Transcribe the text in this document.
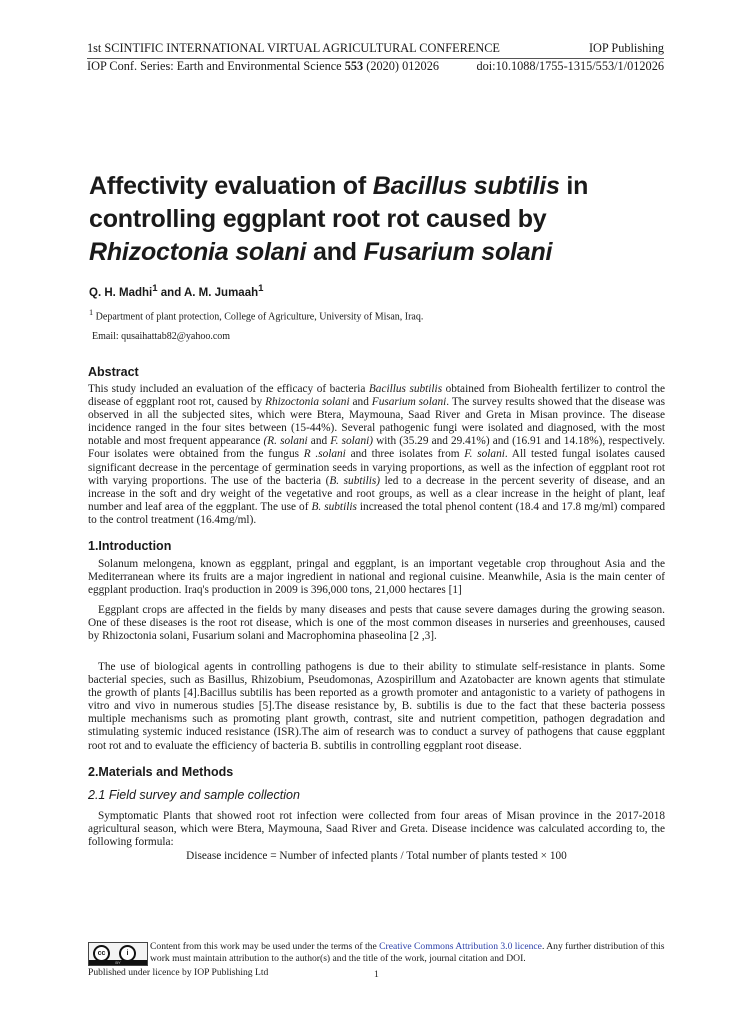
1st SCINTIFIC INTERNATIONAL VIRTUAL AGRICULTURAL CONFERENCE	IOP Publishing
IOP Conf. Series: Earth and Environmental Science 553 (2020) 012026	doi:10.1088/1755-1315/553/1/012026
Affectivity evaluation of Bacillus subtilis in controlling eggplant root rot caused by Rhizoctonia solani and Fusarium solani
Q. H. Madhi$^1$ and A. M. Jumaah$^1$
$^1$ Department of plant protection, College of Agriculture, University of Misan, Iraq.
Email: qusaihattab82@yahoo.com
Abstract
This study included an evaluation of the efficacy of bacteria Bacillus subtilis obtained from Biohealth fertilizer to control the disease of eggplant root rot, caused by Rhizoctonia solani and Fusarium solani. The survey results showed that the disease was observed in all the subjected sites, which were Btera, Maymouna, Saad River and Greta in Misan province. The disease incidence ranged in the four sites between (15-44%). Several pathogenic fungi were isolated and diagnosed, with the most notable and most frequent appearance (R. solani and F. solani) with (35.29 and 29.41%) and (16.91 and 14.18%), respectively. Four isolates were obtained from the fungus R .solani and three isolates from F. solani. All tested fungal isolates caused significant decrease in the percentage of germination seeds in varying proportions, as well as the infection of eggplant root rot with varying proportions. The use of the bacteria (B. subtilis) led to a decrease in the percent severity of disease, and an increase in the soft and dry weight of the vegetative and root groups, as well as a clear increase in the height of plant, leaf number and leaf area of the eggplant. The use of B. subtilis increased the total phenol content (18.4 and 17.8 mg/ml) compared to the control treatment (16.4mg/ml).
1.Introduction
Solanum melongena, known as eggplant, pringal and eggplant, is an important vegetable crop throughout Asia and the Mediterranean where its fruits are a major ingredient in national and regional cuisine. Meanwhile, Asia is the main center of eggplant production. Iraq's production in 2009 is 396,000 tons, 21,000 hectares [1]
Eggplant crops are affected in the fields by many diseases and pests that cause severe damages during the growing season. One of these diseases is the root rot disease, which is one of the most common diseases in nurseries and greenhouses, caused by Rhizoctonia solani, Fusarium solani and Macrophomina phaseolina [2 ,3].
The use of biological agents in controlling pathogens is due to their ability to stimulate self-resistance in plants. Some bacterial species, such as Basillus, Rhizobium, Pseudomonas, Azospirillum and Azatobacter are known agents that stimulate the growth of plants [4].Bacillus subtilis has been reported as a growth promoter and antagonistic to a variety of pathogens in vitro and vivo in numerous studies [5].The disease resistance by, B. subtilis is due to the fact that these bacteria possess multiple mechanisms such as promoting plant growth, contrast, site and nutrient competition, pathogen degradation and stimulating systemic induced resistance (ISR).The aim of research was to conduct a survey of pathogens that cause eggplant root rot and to evaluate the efficiency of bacteria B. subtilis in controlling eggplant root disease.
2.Materials and Methods
2.1 Field survey and sample collection
Symptomatic Plants that showed root rot infection were collected from four areas of Misan province in the 2017-2018 agricultural season, which were Btera, Maymouna, Saad River and Greta. Disease incidence was calculated according to, the following formula:
Disease incidence = Number of infected plants / Total number of plants tested × 100
cc	i
BY
Content from this work may be used under the terms of the Creative Commons Attribution 3.0 licence. Any further distribution of this work must maintain attribution to the author(s) and the title of the work, journal citation and DOI.
Published under licence by IOP Publishing Ltd	1
